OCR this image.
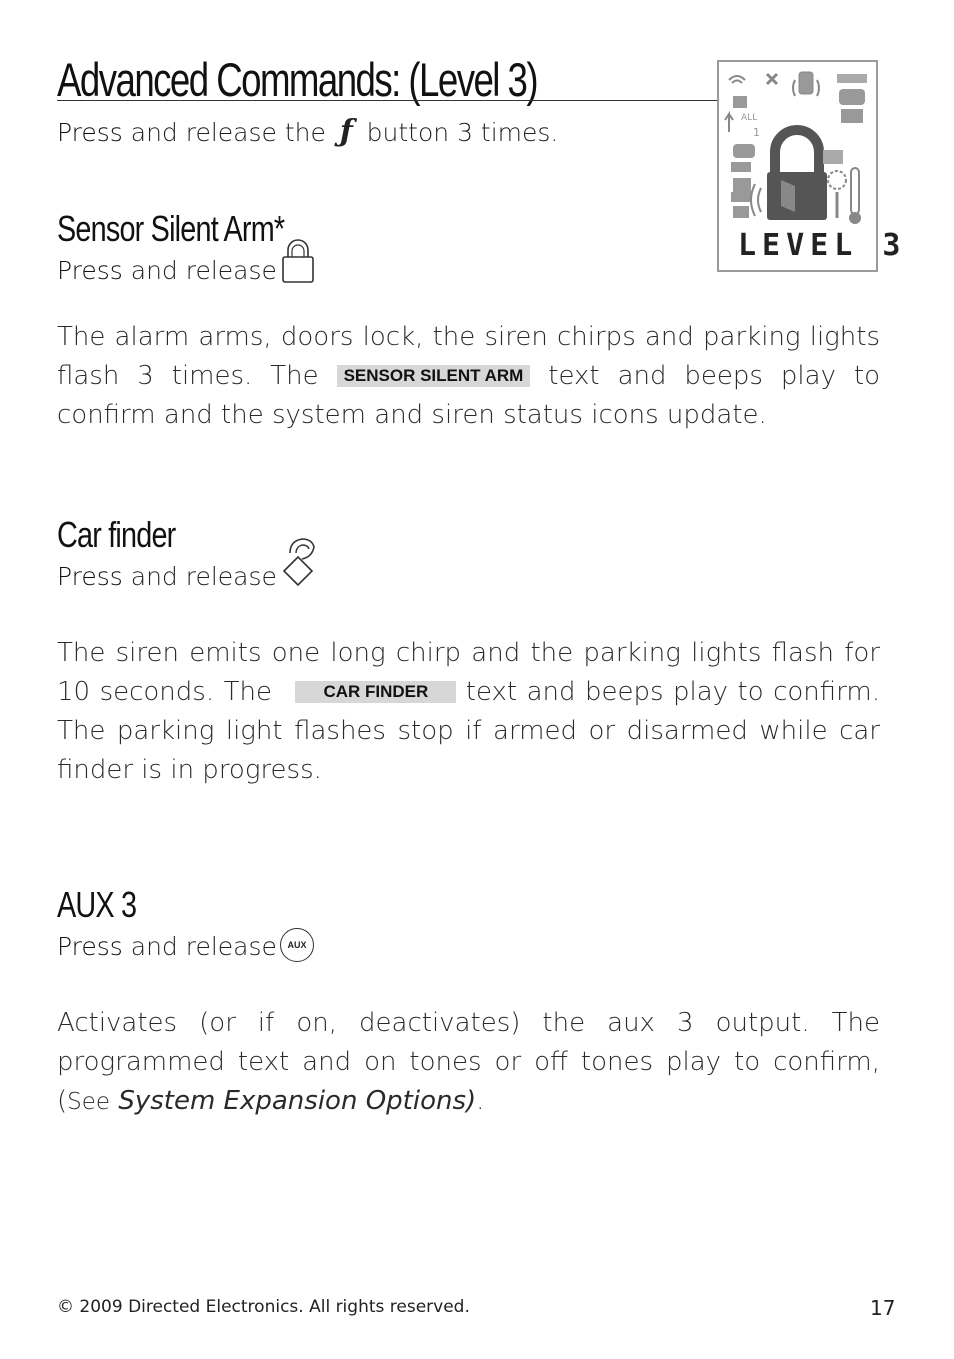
Advanced Commands: (Level 3)
Press and release the ƒ button 3 times.	ALL
1
LEVEL 3
Sensor Silent Arm*
Press and release
The alarm arms, doors lock, the siren chirps and parking lights flash 3 times. The SENSOR SILENT ARM text and beeps play to confirm and the system and siren status icons update.
Car finder
Press and release
The siren emits one long chirp and the parking lights flash for 10 seconds. The CAR FINDER text and beeps play to confirm. The parking light flashes stop if armed or disarmed while car finder is in progress.
AUX 3
Press and release	AUX
Activates (or if on, deactivates) the aux 3 output. The programmed text and on tones or off tones play to confirm, (See System Expansion Options).
© 2009 Directed Electronics. All rights reserved.	17
